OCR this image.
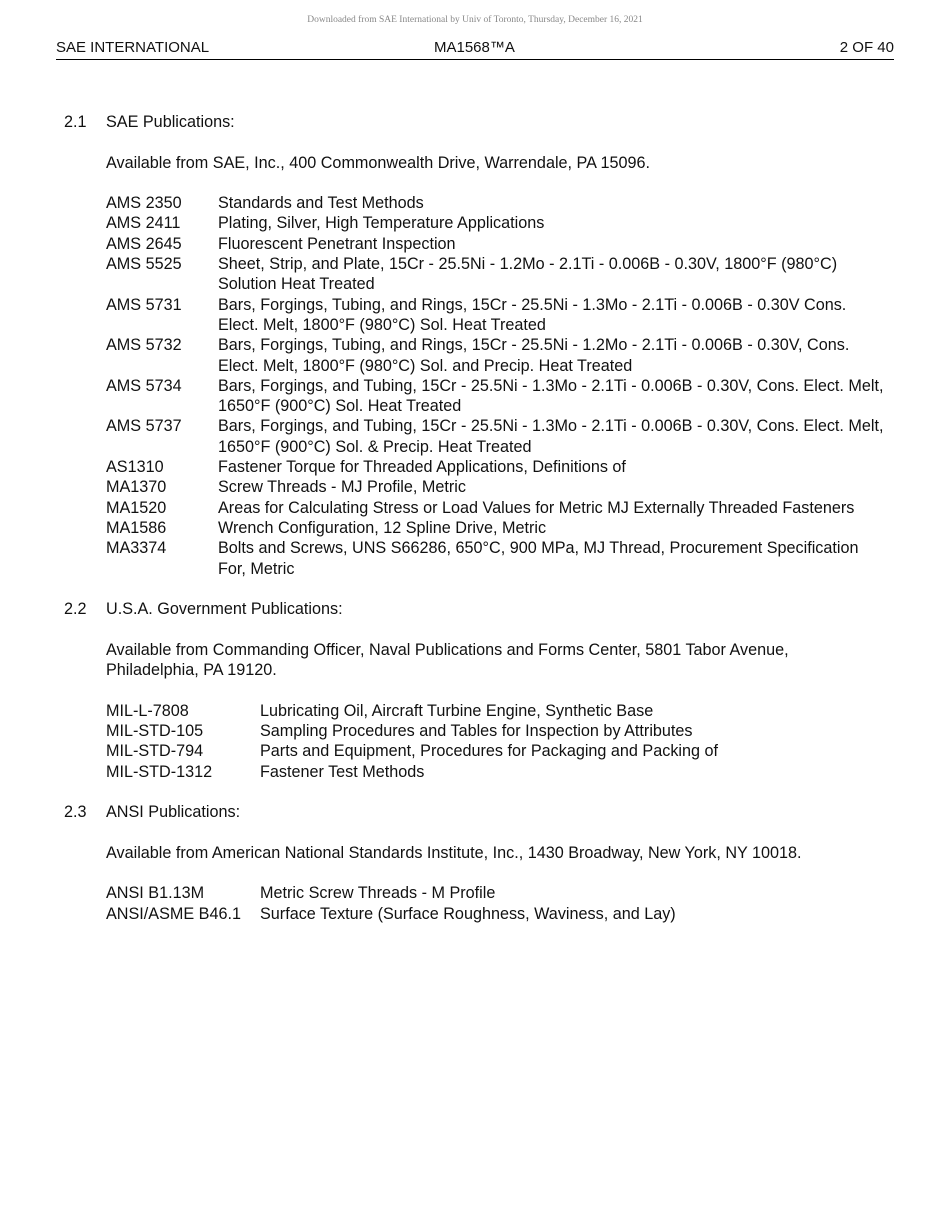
Downloaded from SAE International by Univ of Toronto, Thursday, December 16, 2021
SAE INTERNATIONAL	MA1568™A	2 OF 40
2.1	SAE Publications:
Available from SAE, Inc., 400 Commonwealth Drive, Warrendale, PA 15096.
AMS 2350	Standards and Test Methods
AMS 2411	Plating, Silver, High Temperature Applications
AMS 2645	Fluorescent Penetrant Inspection
AMS 5525	Sheet, Strip, and Plate, 15Cr - 25.5Ni - 1.2Mo - 2.1Ti - 0.006B - 0.30V, 1800°F (980°C) Solution Heat Treated
AMS 5731	Bars, Forgings, Tubing, and Rings, 15Cr - 25.5Ni - 1.3Mo - 2.1Ti - 0.006B - 0.30V Cons. Elect. Melt, 1800°F (980°C) Sol. Heat Treated
AMS 5732	Bars, Forgings, Tubing, and Rings, 15Cr - 25.5Ni - 1.2Mo - 2.1Ti - 0.006B - 0.30V, Cons. Elect. Melt, 1800°F (980°C) Sol. and Precip. Heat Treated
AMS 5734	Bars, Forgings, and Tubing, 15Cr - 25.5Ni - 1.3Mo - 2.1Ti - 0.006B - 0.30V, Cons. Elect. Melt, 1650°F (900°C) Sol. Heat Treated
AMS 5737	Bars, Forgings, and Tubing, 15Cr - 25.5Ni - 1.3Mo - 2.1Ti - 0.006B - 0.30V, Cons. Elect. Melt, 1650°F (900°C) Sol. & Precip. Heat Treated
AS1310	Fastener Torque for Threaded Applications, Definitions of
MA1370	Screw Threads - MJ Profile, Metric
MA1520	Areas for Calculating Stress or Load Values for Metric MJ Externally Threaded Fasteners
MA1586	Wrench Configuration, 12 Spline Drive, Metric
MA3374	Bolts and Screws, UNS S66286, 650°C, 900 MPa, MJ Thread, Procurement Specification For, Metric
2.2	U.S.A. Government Publications:
Available from Commanding Officer, Naval Publications and Forms Center, 5801 Tabor Avenue, Philadelphia, PA 19120.
MIL-L-7808	Lubricating Oil, Aircraft Turbine Engine, Synthetic Base
MIL-STD-105	Sampling Procedures and Tables for Inspection by Attributes
MIL-STD-794	Parts and Equipment, Procedures for Packaging and Packing of
MIL-STD-1312	Fastener Test Methods
2.3	ANSI Publications:
Available from American National Standards Institute, Inc., 1430 Broadway, New York, NY 10018.
ANSI B1.13M	Metric Screw Threads - M Profile
ANSI/ASME B46.1	Surface Texture (Surface Roughness, Waviness, and Lay)
